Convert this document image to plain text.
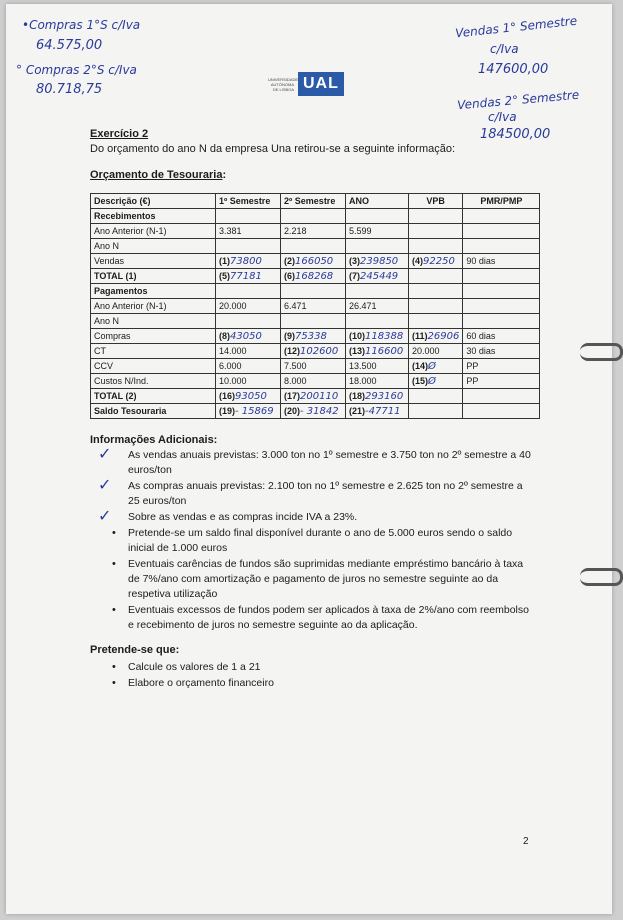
•Compras 1°S c/Iva
64.575,00
° Compras 2°S c/Iva
80.718,75
Vendas 1° Semestre
c/Iva
147600,00
Vendas 2° Semestre
c/Iva
184500,00
UNIVERSIDADE AUTÓNOMA DE LISBOA UAL
Exercício 2
Do orçamento do ano N da empresa Una retirou-se a seguinte informação:
Orçamento de Tesouraria:
Descrição (€)	1º Semestre	2º Semestre	ANO	VPB	PMR/PMP
Recebimentos					
Ano Anterior (N-1)	3.381	2.218	5.599		
Ano N					
Vendas	(1)73800	(2)166050	(3)239850	(4)92250	90 dias
TOTAL (1)	(5)77181	(6)168268	(7)245449		
Pagamentos					
Ano Anterior (N-1)	20.000	6.471	26.471		
Ano N					
Compras	(8)43050	(9)75338	(10)118388	(11)26906	60 dias
CT	14.000	(12)102600	(13)116600	20.000	30 dias
CCV	6.000	7.500	13.500	(14)Ø	PP
Custos N/Ind.	10.000	8.000	18.000	(15)Ø	PP
TOTAL (2)	(16)93050	(17)200110	(18)293160		
Saldo Tesouraria	(19)- 15869	(20)- 31842	(21)-47711		
Informações Adicionais:
✓ As vendas anuais previstas: 3.000 ton no 1º semestre e 3.750 ton no 2º semestre a 40 euros/ton
✓ As compras anuais previstas: 2.100 ton no 1º semestre e 2.625 ton no 2º semestre a 25 euros/ton
✓ Sobre as vendas e as compras incide IVA a 23%.
• Pretende-se um saldo final disponível durante o ano de 5.000 euros sendo o saldo inicial de 1.000 euros
• Eventuais carências de fundos são suprimidas mediante empréstimo bancário à taxa de 7%/ano com amortização e pagamento de juros no semestre seguinte ao da respetiva utilização
• Eventuais excessos de fundos podem ser aplicados à taxa de 2%/ano com reembolso e recebimento de juros no semestre seguinte ao da aplicação.
Pretende-se que:
• Calcule os valores de 1 a 21
• Elabore o orçamento financeiro
2
